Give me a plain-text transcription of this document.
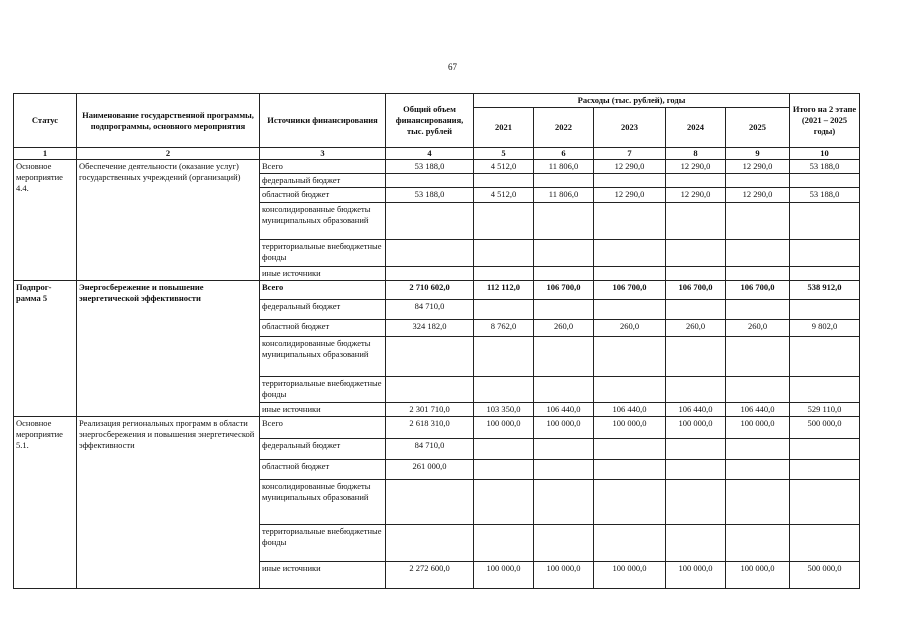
67
Статус	Наименование государственной программы, подпрограммы, основного мероприятия	Источники финансирования	Общий объем финансирования, тыс. рублей	Расходы (тыс. рублей), годы					Итого на 2 этапе (2021 – 2025 годы)
				2021	2022	2023	2024	2025	
1	2	3	4	5	6	7	8	9	10
Основное мероприятие 4.4.	Обеспечение деятельности (оказание услуг) государственных учреждений (организаций)	Всего	53 188,0	4 512,0	11 806,0	12 290,0	12 290,0	12 290,0	53 188,0
		федеральный бюджет							
		областной бюджет	53 188,0	4 512,0	11 806,0	12 290,0	12 290,0	12 290,0	53 188,0
		консолидированные бюджеты муниципальных образований							
		территориальные внебюджетные фонды							
		иные источники							
Подпрог-рамма 5	Энергосбережение и повышение энергетической эффективности	Всего	2 710 602,0	112 112,0	106 700,0	106 700,0	106 700,0	106 700,0	538 912,0
		федеральный бюджет	84 710,0						
		областной бюджет	324 182,0	8 762,0	260,0	260,0	260,0	260,0	9 802,0
		консолидированные бюджеты муниципальных образований							
		территориальные внебюджетные фонды							
		иные источники	2 301 710,0	103 350,0	106 440,0	106 440,0	106 440,0	106 440,0	529 110,0
Основное мероприятие 5.1.	Реализация региональных программ в области энергосбережения и повышения энергетической эффективности	Всего	2 618 310,0	100 000,0	100 000,0	100 000,0	100 000,0	100 000,0	500 000,0
		федеральный бюджет	84 710,0						
		областной бюджет	261 000,0						
		консолидированные бюджеты муниципальных образований							
		территориальные внебюджетные фонды							
		иные источники	2 272 600,0	100 000,0	100 000,0	100 000,0	100 000,0	100 000,0	500 000,0
